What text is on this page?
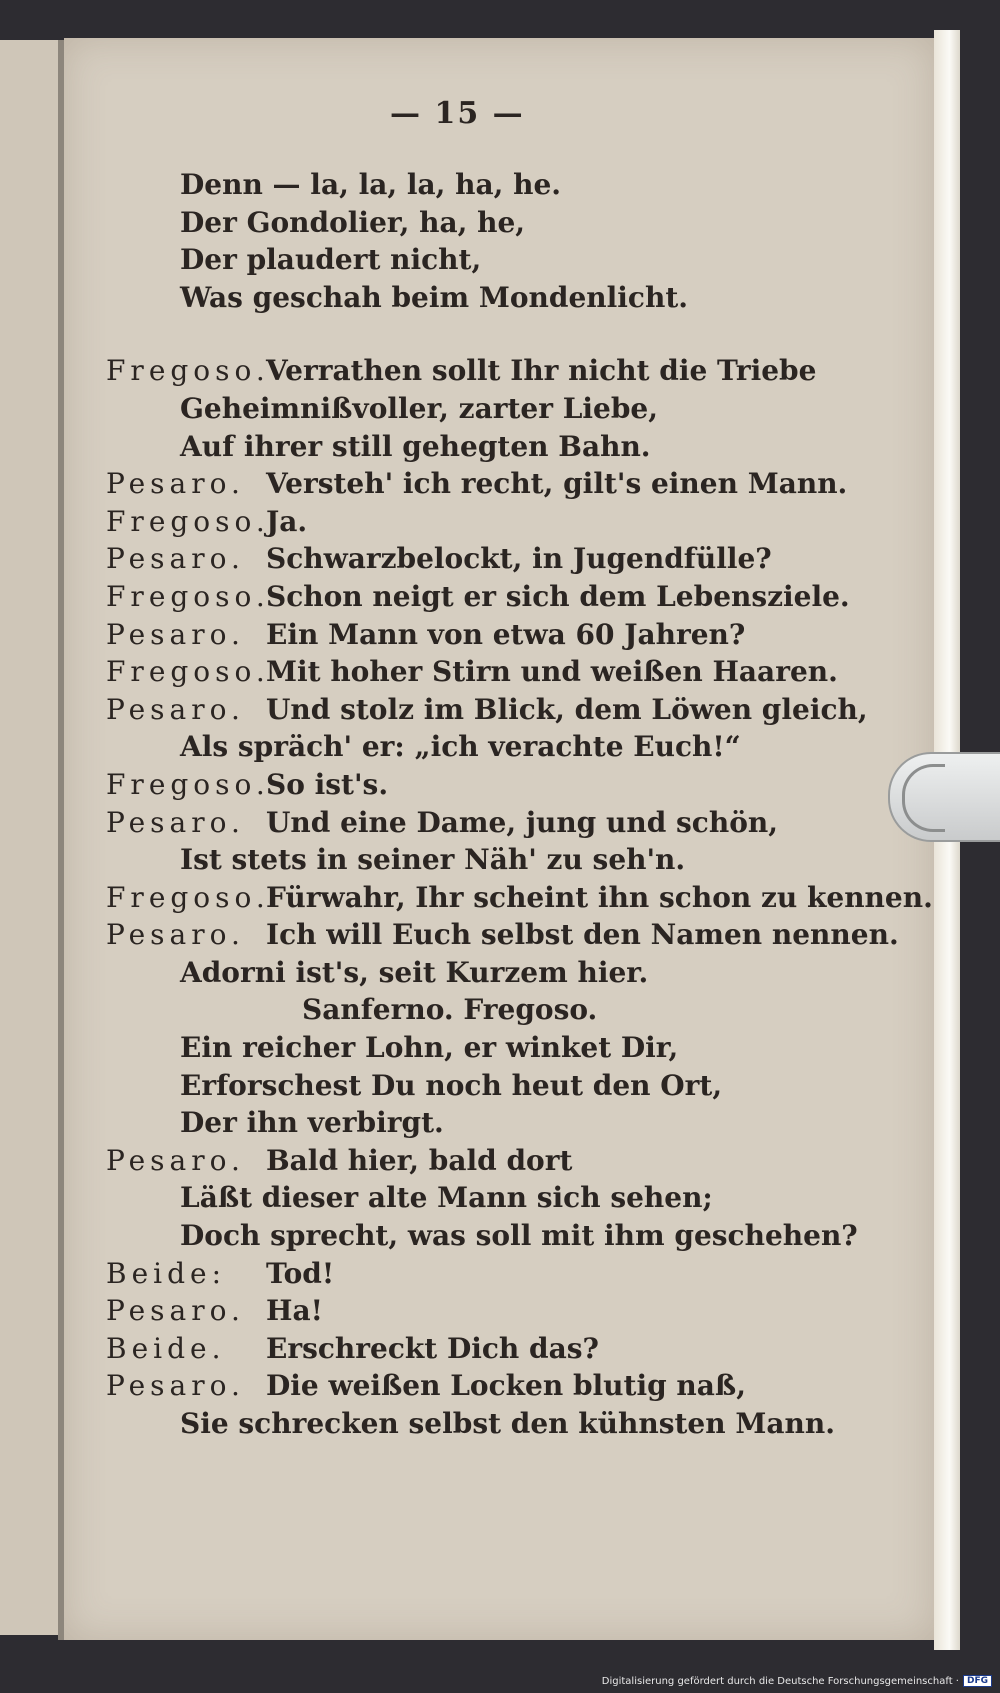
— 15 —
Denn — la, la, la, ha, he.
Der Gondolier, ha, he,
Der plaudert nicht,
Was geschah beim Mondenlicht.
Fregoso.Verrathen sollt Ihr nicht die Triebe
Geheimnißvoller, zarter Liebe,
Auf ihrer still gehegten Bahn.
Pesaro. Versteh' ich recht, gilt's einen Mann.
Fregoso.Ja.
Pesaro. Schwarzbelockt, in Jugendfülle?
Fregoso.Schon neigt er sich dem Lebensziele.
Pesaro. Ein Mann von etwa 60 Jahren?
Fregoso.Mit hoher Stirn und weißen Haaren.
Pesaro. Und stolz im Blick, dem Löwen gleich,
Als spräch' er: „ich verachte Euch!“
Fregoso.So ist's.
Pesaro. Und eine Dame, jung und schön,
Ist stets in seiner Näh' zu seh'n.
Fregoso.Fürwahr, Ihr scheint ihn schon zu kennen.
Pesaro. Ich will Euch selbst den Namen nennen.
Adorni ist's, seit Kurzem hier.
Sanferno. Fregoso.
Ein reicher Lohn, er winket Dir,
Erforschest Du noch heut den Ort,
Der ihn verbirgt.
Pesaro. Bald hier, bald dort
Läßt dieser alte Mann sich sehen;
Doch sprecht, was soll mit ihm geschehen?
Beide: Tod!
Pesaro. Ha!
Beide. Erschreckt Dich das?
Pesaro. Die weißen Locken blutig naß,
Sie schrecken selbst den kühnsten Mann.
Digitalisierung gefördert durch die Deutsche Forschungsgemeinschaft · DFG
